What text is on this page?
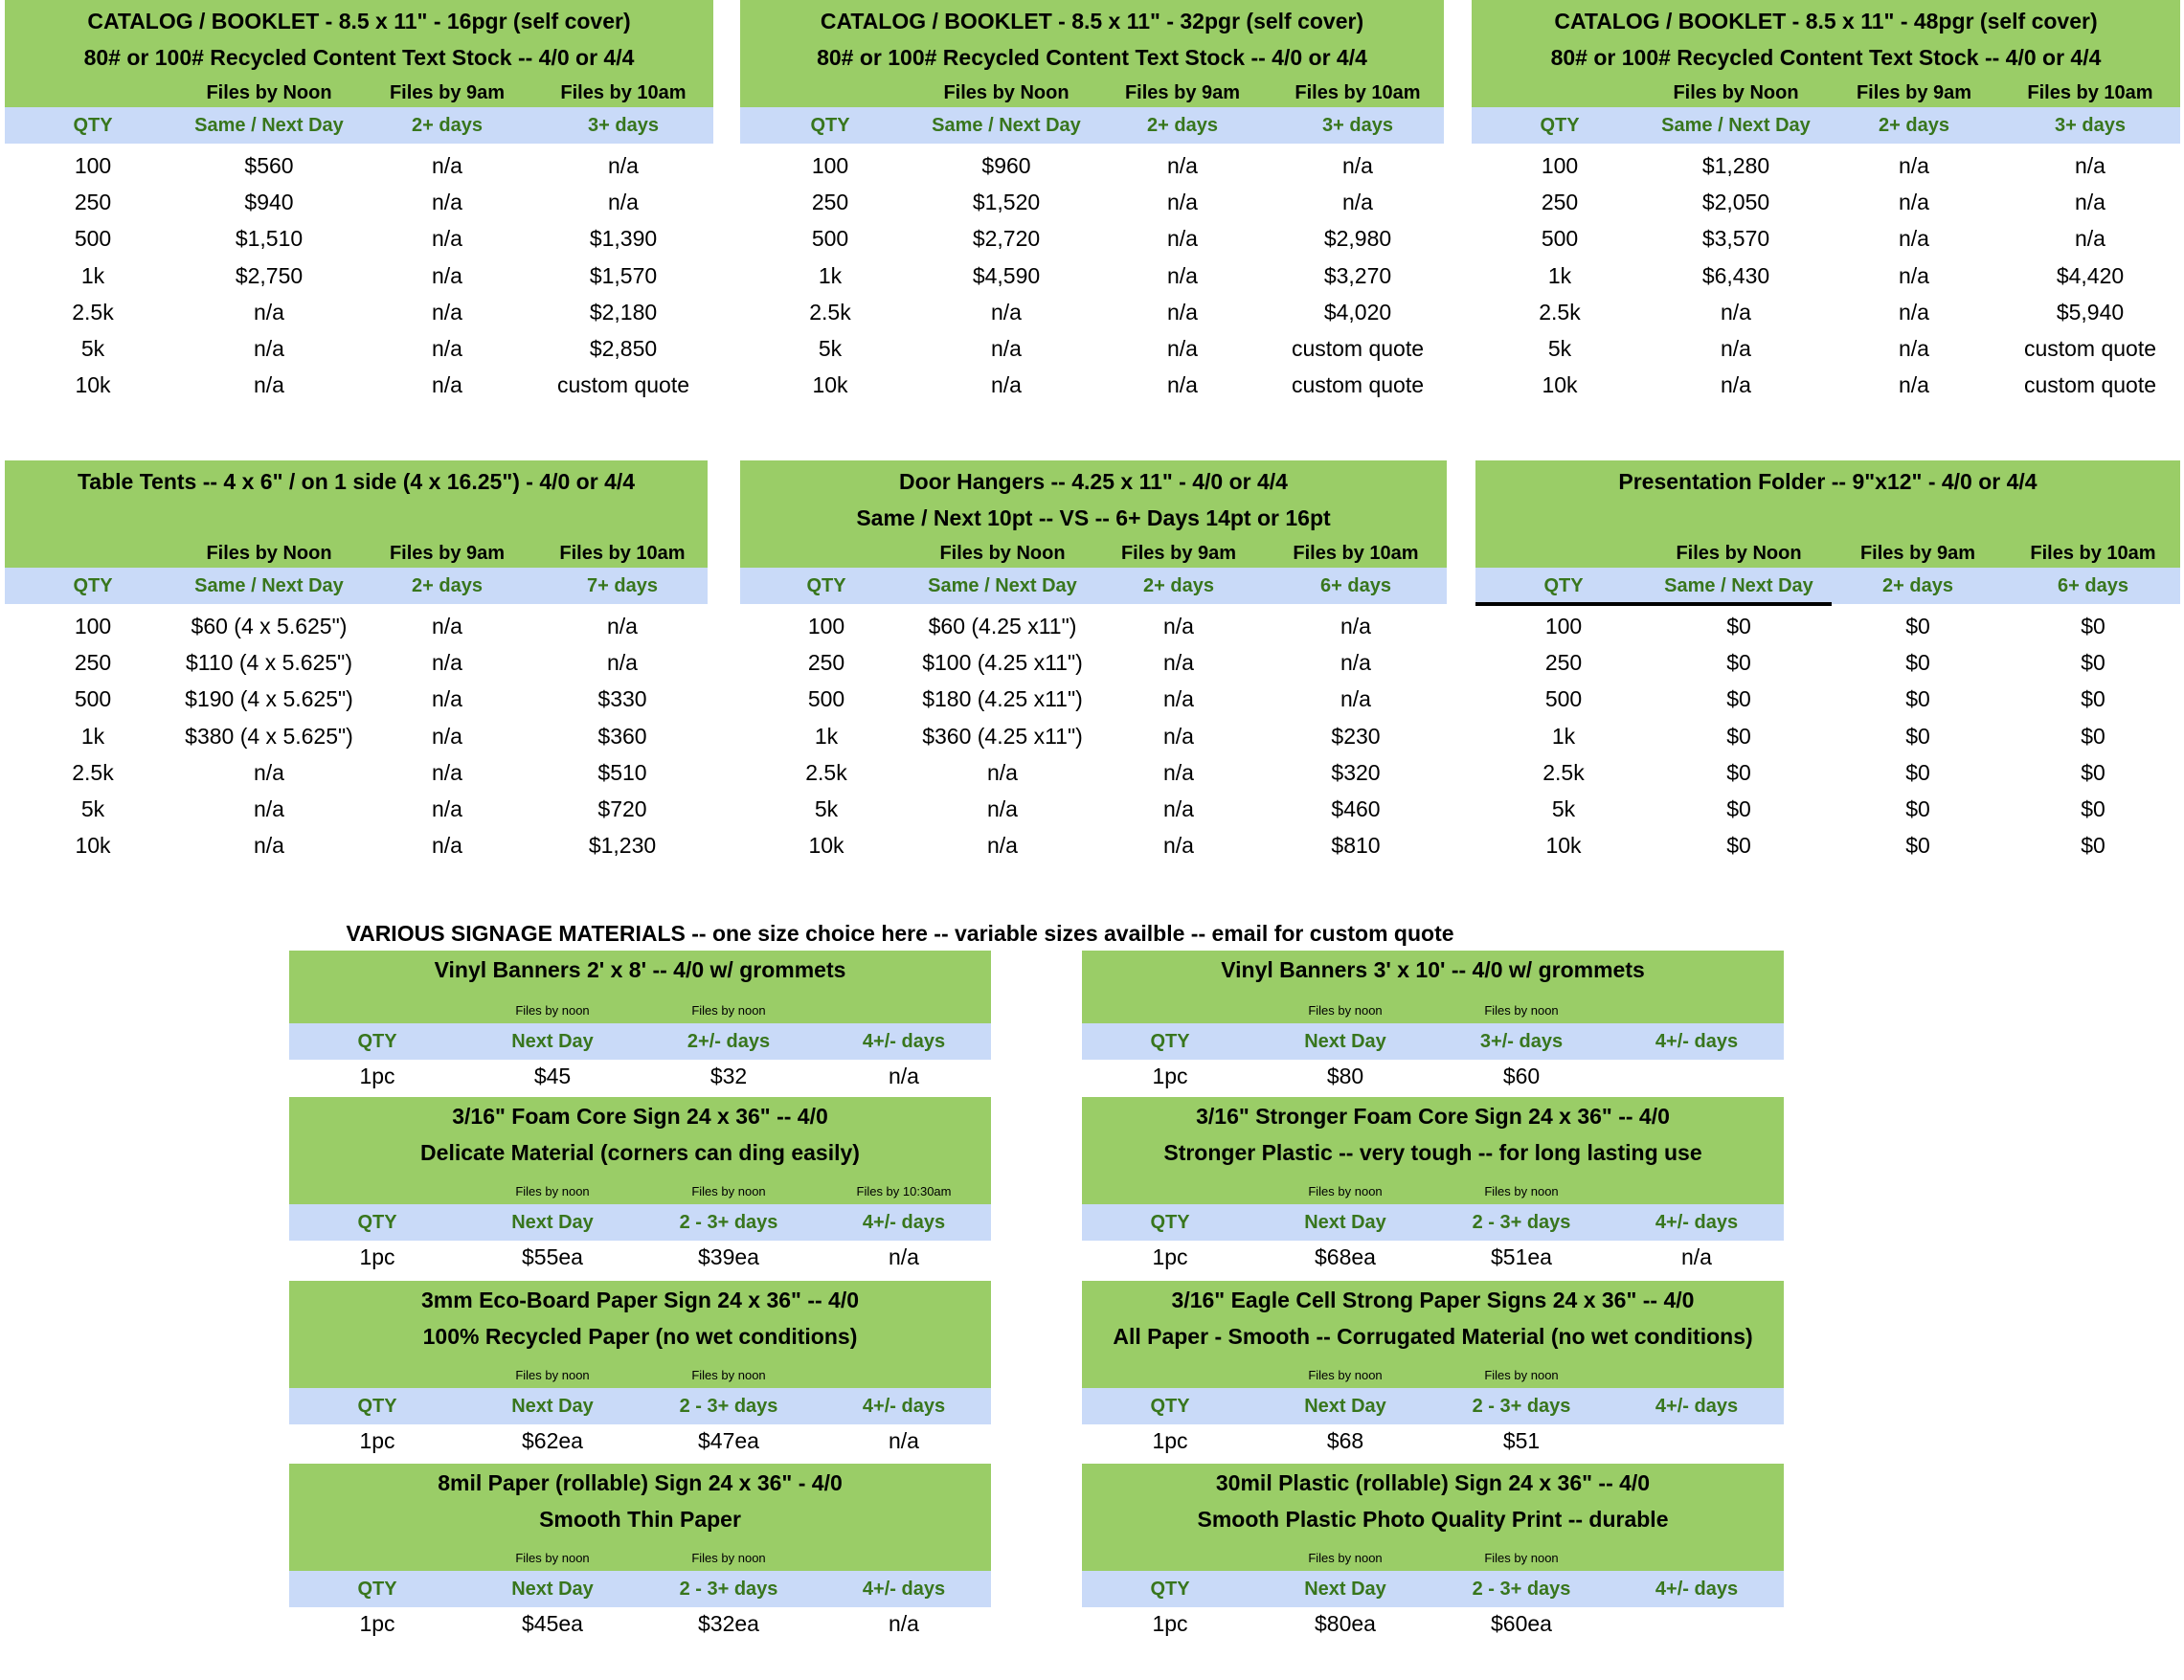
CATALOG / BOOKLET - 8.5 x 11" - 16pgr (self cover)
80# or 100# Recycled Content Text Stock -- 4/0 or 4/4
Files by Noon	Files by 9am	Files by 10am
QTY	Same / Next Day	2+ days	3+ days
100	$560	n/a	n/a
250	$940	n/a	n/a
500	$1,510	n/a	$1,390
1k	$2,750	n/a	$1,570
2.5k	n/a	n/a	$2,180
5k	n/a	n/a	$2,850
10k	n/a	n/a	custom quote
CATALOG / BOOKLET - 8.5 x 11" - 32pgr (self cover)
80# or 100# Recycled Content Text Stock -- 4/0 or 4/4
Files by Noon	Files by 9am	Files by 10am
QTY	Same / Next Day	2+ days	3+ days
100	$960	n/a	n/a
250	$1,520	n/a	n/a
500	$2,720	n/a	$2,980
1k	$4,590	n/a	$3,270
2.5k	n/a	n/a	$4,020
5k	n/a	n/a	custom quote
10k	n/a	n/a	custom quote
CATALOG / BOOKLET - 8.5 x 11" - 48pgr (self cover)
80# or 100# Recycled Content Text Stock -- 4/0 or 4/4
Files by Noon	Files by 9am	Files by 10am
QTY	Same / Next Day	2+ days	3+ days
100	$1,280	n/a	n/a
250	$2,050	n/a	n/a
500	$3,570	n/a	n/a
1k	$6,430	n/a	$4,420
2.5k	n/a	n/a	$5,940
5k	n/a	n/a	custom quote
10k	n/a	n/a	custom quote
Table Tents -- 4 x 6" / on 1 side (4 x 16.25") - 4/0 or 4/4
Files by Noon	Files by 9am	Files by 10am
QTY	Same / Next Day	2+ days	7+ days
100	$60 (4 x 5.625")	n/a	n/a
250	$110 (4 x 5.625")	n/a	n/a
500	$190 (4 x 5.625")	n/a	$330
1k	$380 (4 x 5.625")	n/a	$360
2.5k	n/a	n/a	$510
5k	n/a	n/a	$720
10k	n/a	n/a	$1,230
Door Hangers -- 4.25 x 11" - 4/0 or 4/4
Same / Next 10pt -- VS -- 6+ Days 14pt or 16pt
Files by Noon	Files by 9am	Files by 10am
QTY	Same / Next Day	2+ days	6+ days
100	$60 (4.25 x11")	n/a	n/a
250	$100 (4.25 x11")	n/a	n/a
500	$180 (4.25 x11")	n/a	n/a
1k	$360 (4.25 x11")	n/a	$230
2.5k	n/a	n/a	$320
5k	n/a	n/a	$460
10k	n/a	n/a	$810
Presentation Folder -- 9"x12" - 4/0 or 4/4
Files by Noon	Files by 9am	Files by 10am
QTY	Same / Next Day	2+ days	6+ days
100	$0	$0	$0
250	$0	$0	$0
500	$0	$0	$0
1k	$0	$0	$0
2.5k	$0	$0	$0
5k	$0	$0	$0
10k	$0	$0	$0
VARIOUS SIGNAGE MATERIALS -- one size choice here -- variable sizes availble -- email for custom quote
Vinyl Banners 2' x 8' -- 4/0 w/ grommets
Files by noon	Files by noon
QTY	Next Day	2+/- days	4+/- days
1pc	$45	$32	n/a
Vinyl Banners 3' x 10' -- 4/0 w/ grommets
Files by noon	Files by noon
QTY	Next Day	3+/- days	4+/- days
1pc	$80	$60
3/16" Foam Core Sign 24 x 36" -- 4/0
Delicate Material (corners can ding easily)
Files by noon	Files by noon	Files by 10:30am
QTY	Next Day	2 - 3+ days	4+/- days
1pc	$55ea	$39ea	n/a
3/16" Stronger Foam Core Sign 24 x 36" -- 4/0
Stronger Plastic -- very tough -- for long lasting use
Files by noon	Files by noon
QTY	Next Day	2 - 3+ days	4+/- days
1pc	$68ea	$51ea	n/a
3mm Eco-Board Paper Sign 24 x 36" -- 4/0
100% Recycled Paper (no wet conditions)
Files by noon	Files by noon
QTY	Next Day	2 - 3+ days	4+/- days
1pc	$62ea	$47ea	n/a
3/16" Eagle Cell Strong Paper Signs 24 x 36" -- 4/0
All Paper - Smooth -- Corrugated Material (no wet conditions)
Files by noon	Files by noon
QTY	Next Day	2 - 3+ days	4+/- days
1pc	$68	$51
8mil Paper (rollable) Sign 24 x 36" - 4/0
Smooth Thin Paper
Files by noon	Files by noon
QTY	Next Day	2 - 3+ days	4+/- days
1pc	$45ea	$32ea	n/a
30mil Plastic (rollable) Sign 24 x 36" -- 4/0
Smooth Plastic Photo Quality Print -- durable
Files by noon	Files by noon
QTY	Next Day	2 - 3+ days	4+/- days
1pc	$80ea	$60ea
